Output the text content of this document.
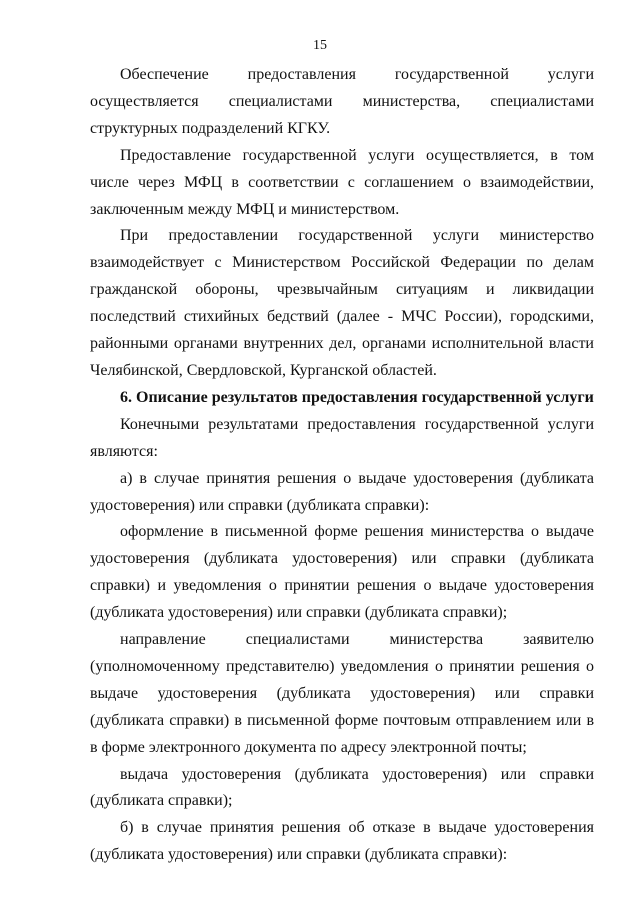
15

Обеспечение предоставления государственной услуги осуществляется специалистами министерства, специалистами структурных подразделений КГКУ.

Предоставление государственной услуги осуществляется, в том числе через МФЦ в соответствии с соглашением о взаимодействии, заключенным между МФЦ и министерством.

При предоставлении государственной услуги министерство взаимодействует с Министерством Российской Федерации по делам гражданской обороны, чрезвычайным ситуациям и ликвидации последствий стихийных бедствий (далее - МЧС России), городскими, районными органами внутренних дел, органами исполнительной власти Челябинской, Свердловской, Курганской областей.

6. Описание результатов предоставления государственной услуги

Конечными результатами предоставления государственной услуги являются:

а) в случае принятия решения о выдаче удостоверения (дубликата удостоверения) или справки (дубликата справки):

оформление в письменной форме решения министерства о выдаче удостоверения (дубликата удостоверения) или справки (дубликата справки) и уведомления о принятии решения о выдаче удостоверения (дубликата удостоверения) или справки (дубликата справки);

направление специалистами министерства заявителю (уполномоченному представителю) уведомления о принятии решения о выдаче удостоверения (дубликата удостоверения) или справки (дубликата справки) в письменной форме почтовым отправлением или в в форме электронного документа по адресу электронной почты;

выдача удостоверения (дубликата удостоверения) или справки (дубликата справки);

б) в случае принятия решения об отказе в выдаче удостоверения (дубликата удостоверения) или справки (дубликата справки):
